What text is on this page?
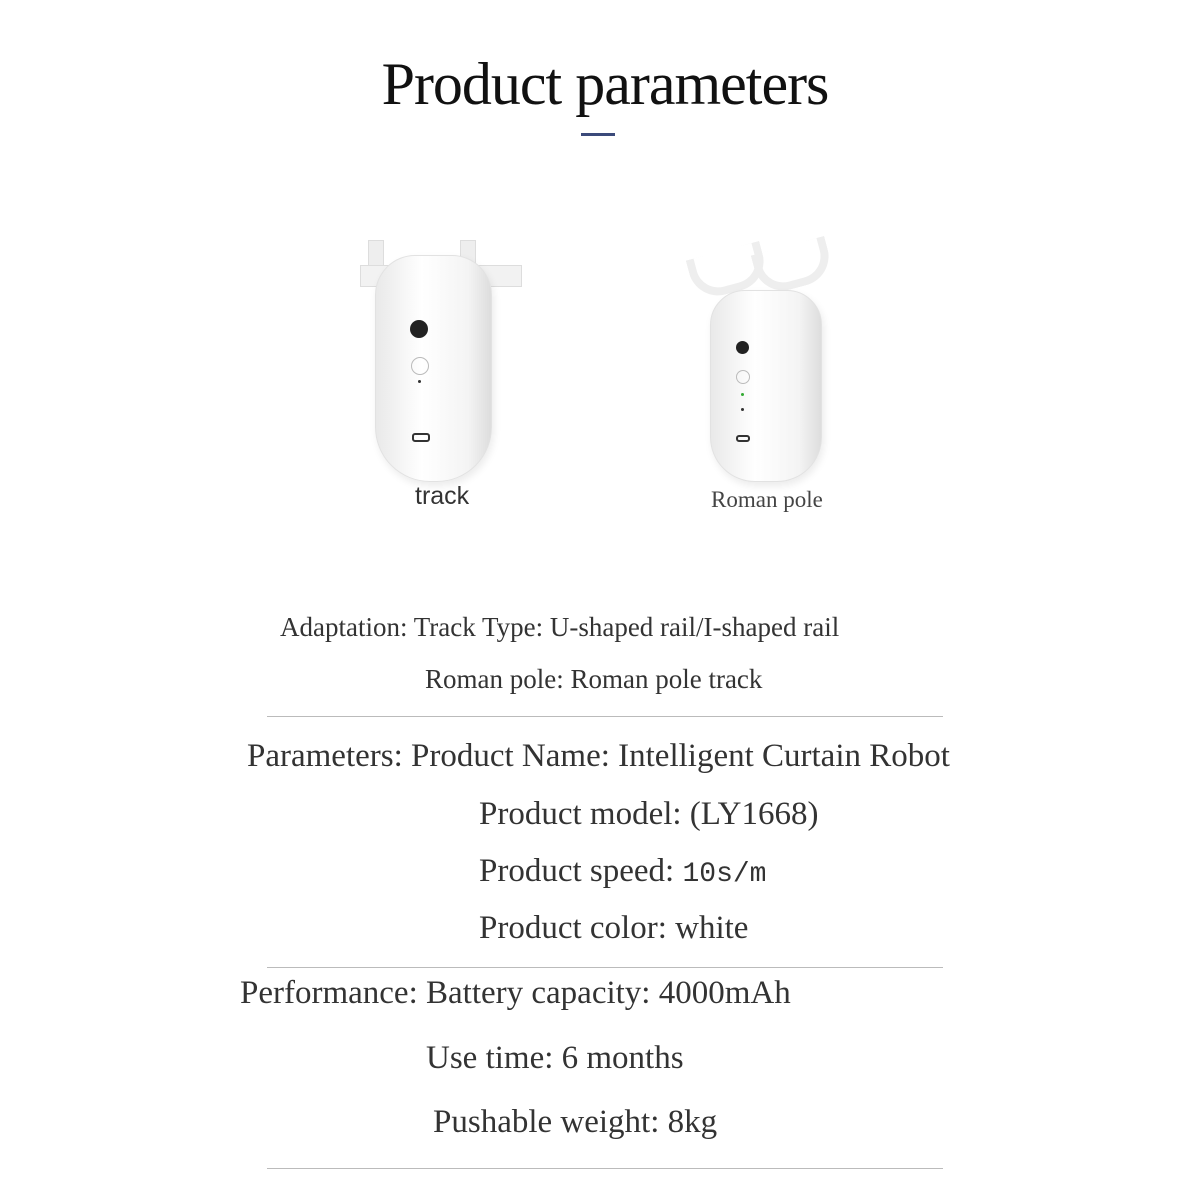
Product parameters
track	Roman pole
Adaptation: Track Type: U-shaped rail/I-shaped rail
Roman pole: Roman pole track
Parameters: Product Name: Intelligent Curtain Robot
Product model: (LY1668)
Product speed: 10s/m
Product color: white
Performance: Battery capacity: 4000mAh
Use time: 6 months
Pushable weight: 8kg
